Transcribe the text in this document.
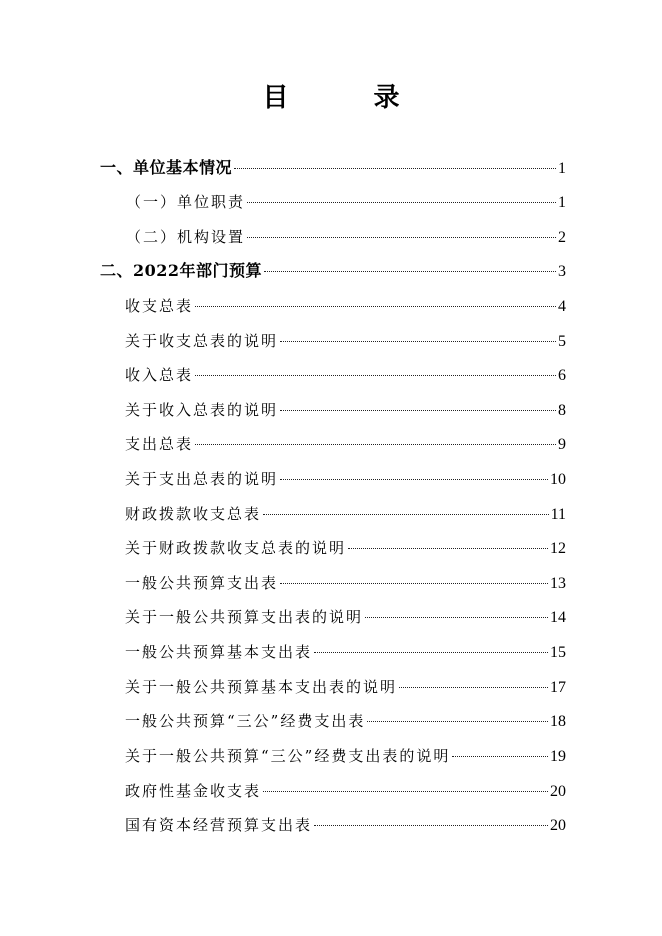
目 录
一、单位基本情况	1
（一）单位职责	1
（二）机构设置	2
二、2022年部门预算	3
收支总表	4
关于收支总表的说明	5
收入总表	6
关于收入总表的说明	8
支出总表	9
关于支出总表的说明	10
财政拨款收支总表	11
关于财政拨款收支总表的说明	12
一般公共预算支出表	13
关于一般公共预算支出表的说明	14
一般公共预算基本支出表	15
关于一般公共预算基本支出表的说明	17
一般公共预算“三公”经费支出表	18
关于一般公共预算“三公”经费支出表的说明	19
政府性基金收支表	20
国有资本经营预算支出表	20
